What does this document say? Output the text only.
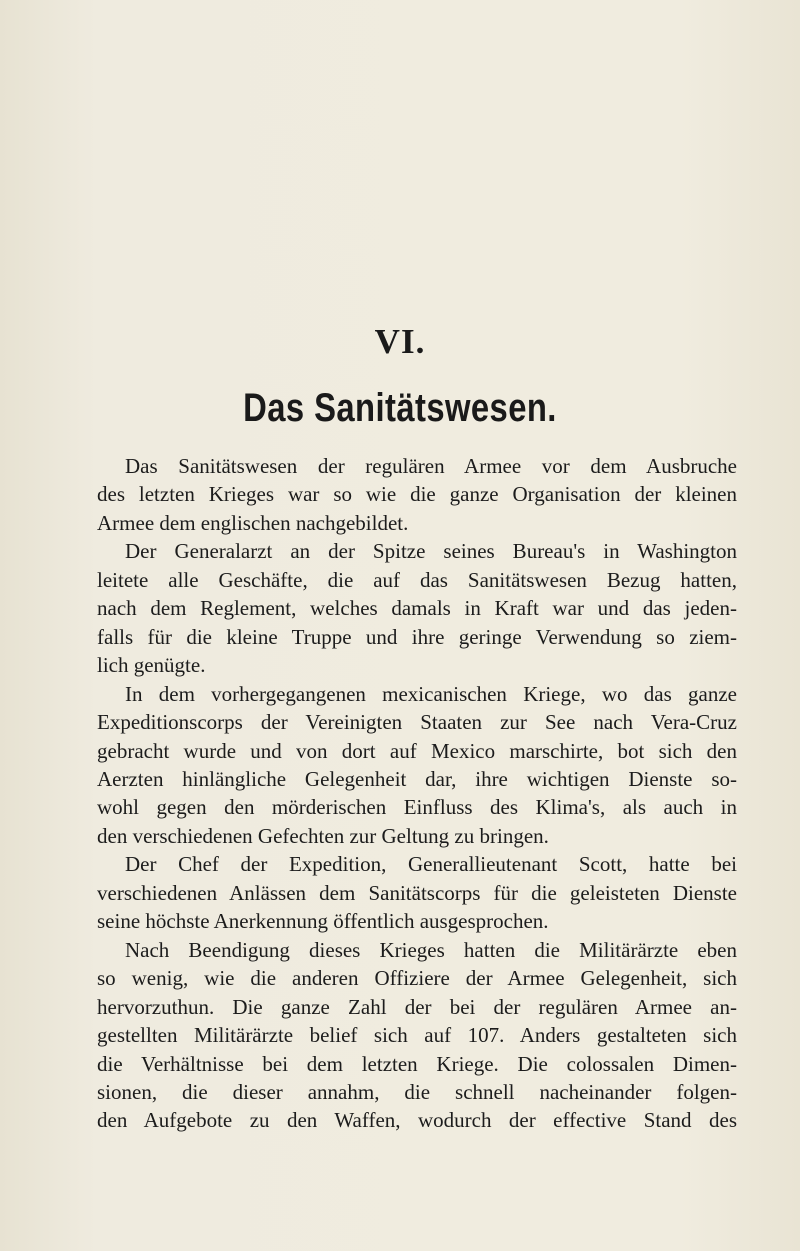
VI.
Das Sanitätswesen.
Das Sanitätswesen der regulären Armee vor dem Ausbruche
des letzten Krieges war so wie die ganze Organisation der kleinen
Armee dem englischen nachgebildet.
Der Generalarzt an der Spitze seines Bureau's in Washington
leitete alle Geschäfte, die auf das Sanitätswesen Bezug hatten,
nach dem Reglement, welches damals in Kraft war und das jeden-
falls für die kleine Truppe und ihre geringe Verwendung so ziem-
lich genügte.
In dem vorhergegangenen mexicanischen Kriege, wo das ganze
Expeditionscorps der Vereinigten Staaten zur See nach Vera-Cruz
gebracht wurde und von dort auf Mexico marschirte, bot sich den
Aerzten hinlängliche Gelegenheit dar, ihre wichtigen Dienste so-
wohl gegen den mörderischen Einfluss des Klima's, als auch in
den verschiedenen Gefechten zur Geltung zu bringen.
Der Chef der Expedition, Generallieutenant Scott, hatte bei
verschiedenen Anlässen dem Sanitätscorps für die geleisteten Dienste
seine höchste Anerkennung öffentlich ausgesprochen.
Nach Beendigung dieses Krieges hatten die Militärärzte eben
so wenig, wie die anderen Offiziere der Armee Gelegenheit, sich
hervorzuthun. Die ganze Zahl der bei der regulären Armee an-
gestellten Militärärzte belief sich auf 107. Anders gestalteten sich
die Verhältnisse bei dem letzten Kriege. Die colossalen Dimen-
sionen, die dieser annahm, die schnell nacheinander folgen-
den Aufgebote zu den Waffen, wodurch der effective Stand des
